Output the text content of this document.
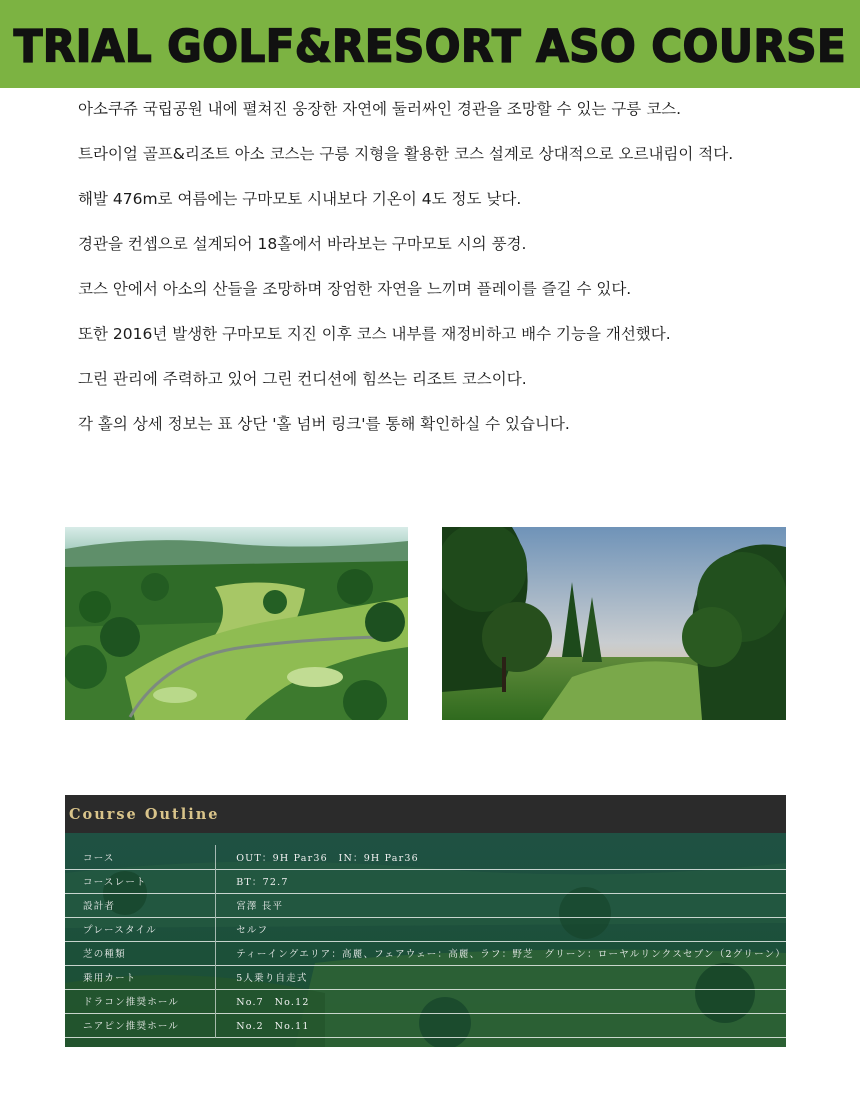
TRIAL GOLF&RESORT ASO COURSE

아소쿠쥬 국립공원 내에 펼쳐진 웅장한 자연에 둘러싸인 경관을 조망할 수 있는 구릉 코스.

트라이얼 골프&리조트 아소 코스는 구릉 지형을 활용한 코스 설계로 상대적으로 오르내림이 적다.

해발 476m로 여름에는 구마모토 시내보다 기온이 4도 정도 낮다.

경관을 컨셉으로 설계되어 18홀에서 바라보는 구마모토 시의 풍경.

코스 안에서 아소의 산들을 조망하며 장엄한 자연을 느끼며 플레이를 즐길 수 있다.

또한 2016년 발생한 구마모토 지진 이후 코스 내부를 재정비하고 배수 기능을 개선했다.

그린 관리에 주력하고 있어 그린 컨디션에 힘쓰는 리조트 코스이다.

각 홀의 상세 정보는 표 상단 '홀 넘버 링크'를 통해 확인하실 수 있습니다.

Course Outline
コース	OUT：9H Par36　IN：9H Par36
コースレート	BT：72.7
設計者	宮澤 長平
プレースタイル	セルフ
芝の種類	ティーイングエリア：高麗、フェアウェー：高麗、ラフ：野芝　グリーン：ローヤルリンクスセブン（2グリーン）
乗用カート	5人乗り自走式
ドラコン推奨ホール	No.7　No.12
ニアピン推奨ホール	No.2　No.11
